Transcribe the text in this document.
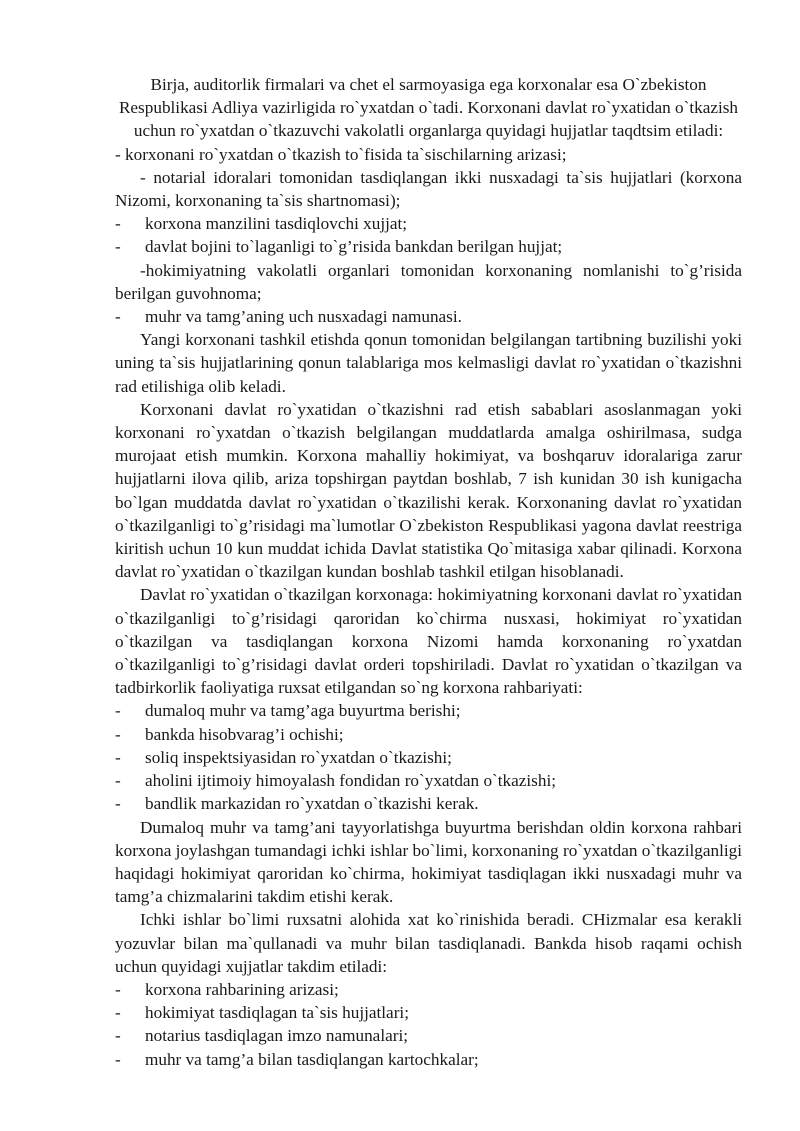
Birja, auditorlik firmalari va chet el sarmoyasiga ega korxonalar esa O`zbekiston Respublikasi Adliya vazirligida ro`yxatdan o`tadi. Korxonani davlat ro`yxatidan o`tkazish uchun ro`yxatdan o`tkazuvchi vakolatli organlarga quyidagi hujjatlar taqdtsim etiladi:

- korxonani ro`yxatdan o`tkazish to`fisida ta`sischilarning arizasi;

- notarial idoralari tomonidan tasdiqlangan ikki nusxadagi ta`sis hujjatlari (korxona Nizomi, korxonaning ta`sis shartnomasi);

- korxona manzilini tasdiqlovchi xujjat;

- davlat bojini to`laganligi to`g’risida bankdan berilgan hujjat;

-hokimiyatning vakolatli organlari tomonidan korxonaning nomlanishi to`g’risida berilgan guvohnoma;

- muhr va tamg’aning uch nusxadagi namunasi.

Yangi korxonani tashkil etishda qonun tomonidan belgilangan tartibning buzilishi yoki uning ta`sis hujjatlarining qonun talablariga mos kelmasligi davlat ro`yxatidan o`tkazishni rad etilishiga olib keladi.

Korxonani davlat ro`yxatidan o`tkazishni rad etish sabablari asoslanmagan yoki korxonani ro`yxatdan o`tkazish belgilangan muddatlarda amalga oshirilmasa, sudga murojaat etish mumkin. Korxona mahalliy hokimiyat, va boshqaruv idoralariga zarur hujjatlarni ilova qilib, ariza topshirgan paytdan boshlab, 7 ish kunidan 30 ish kunigacha bo`lgan muddatda davlat ro`yxatidan o`tkazilishi kerak. Korxonaning davlat ro`yxatidan o`tkazilganligi to`g’risidagi ma`lumotlar O`zbekiston Respublikasi yagona davlat reestriga kiritish uchun 10 kun muddat ichida Davlat statistika Qo`mitasiga xabar qilinadi. Korxona davlat ro`yxatidan o`tkazilgan kundan boshlab tashkil etilgan hisoblanadi.

Davlat ro`yxatidan o`tkazilgan korxonaga: hokimiyatning korxonani davlat ro`yxatidan o`tkazilganligi to`g’risidagi qaroridan ko`chirma nusxasi, hokimiyat ro`yxatidan o`tkazilgan va tasdiqlangan korxona Nizomi hamda korxonaning ro`yxatdan o`tkazilganligi to`g’risidagi davlat orderi topshiriladi. Davlat ro`yxatidan o`tkazilgan va tadbirkorlik faoliyatiga ruxsat etilgandan so`ng korxona rahbariyati:

- dumaloq muhr va tamg’aga buyurtma berishi;

- bankda hisobvarag’i ochishi;

- soliq inspektsiyasidan ro`yxatdan o`tkazishi;

- aholini ijtimoiy himoyalash fondidan ro`yxatdan o`tkazishi;

- bandlik markazidan ro`yxatdan o`tkazishi kerak.

Dumaloq muhr va tamg’ani tayyorlatishga buyurtma berishdan oldin korxona rahbari korxona joylashgan tumandagi ichki ishlar bo`limi, korxonaning ro`yxatdan o`tkazilganligi haqidagi hokimiyat qaroridan ko`chirma, hokimiyat tasdiqlagan ikki nusxadagi muhr va tamg’a chizmalarini takdim etishi kerak.

Ichki ishlar bo`limi ruxsatni alohida xat ko`rinishida beradi. CHizmalar esa kerakli yozuvlar bilan ma`qullanadi va muhr bilan tasdiqlanadi. Bankda hisob raqami ochish uchun quyidagi xujjatlar takdim etiladi:

- korxona rahbarining arizasi;

- hokimiyat tasdiqlagan ta`sis hujjatlari;

- notarius tasdiqlagan imzo namunalari;

- muhr va tamg’a bilan tasdiqlangan kartochkalar;
